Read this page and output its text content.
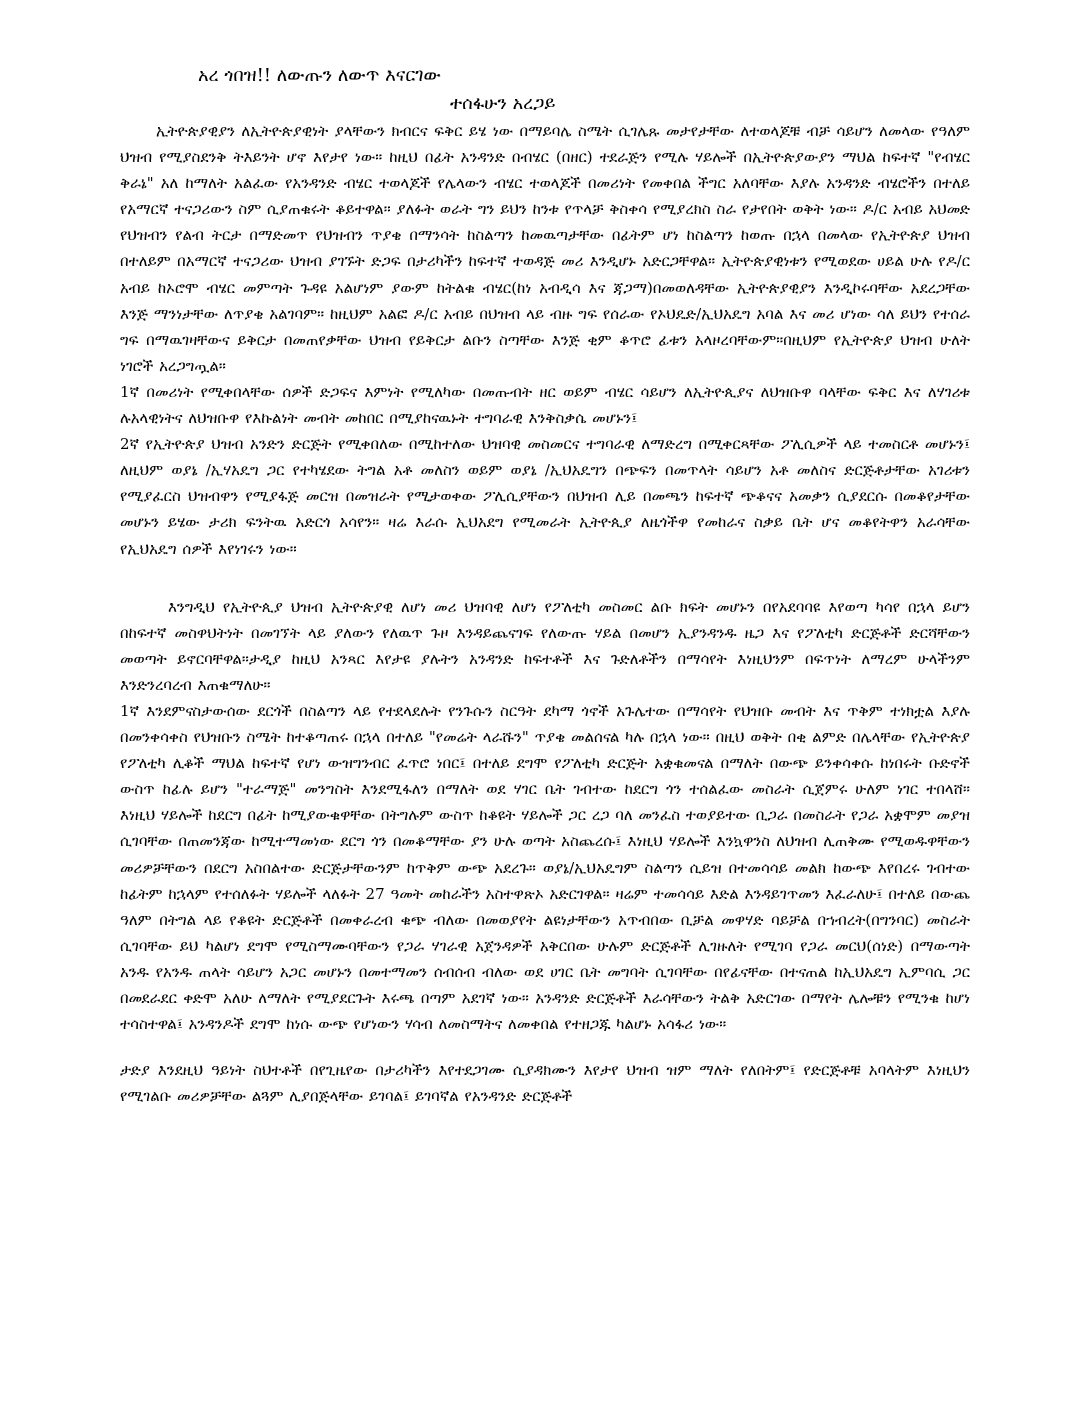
አረ ጎበዝ!! ለውጡን ለውጥ እናርገው
ተሰፋሁን አረጋይ

ኢትዮጵያዊያን ለኢትዮጵያዊነት ያላቸውን ክብርና ፍቅር ይሄ ነው በማይባሌ ስሜት ሲገሌጹ መታየታቸው ለተወላጆቹ ብቻ ሳይሆን ለመላው የዓለም ህዝብ የሚያስደንቅ ትእይንት ሆኖ እየታየ ነው። ከዚህ በፊት አንዳንድ በብሄር (በዘር) ተደራጅን የሚሉ ሃይሎች በኢትዮጵያውያን ማህል ከፍተኛ "የብሄር ቅራኔ" አለ ከማለት አልፈው የአንዳንድ ብሄር ተወላጆች የሌላውን ብሄር ተወላጆች በመሪነት የመቀበል ችግር አለባቸው እያሉ አንዳንድ ብሄሮችን በተለይ የአማርኛ ተናጋሪውን ስም ሲያጠቁሩት ቆይተዋል። ያለፉት ወራት ግን ይህን ከንቱ የጥላቻ ቅስቀሳ የሚያረክስ ስራ የታየበት ወቅት ነው። ዶ/ር አብይ አህመድ የህዝብን የልብ ትርታ በማድመጥ የህዝብን ጥያቄ በማንሳት ከስልጣን ከመዉጣታቸው በፊትም ሆነ ከስልጣን ከወጡ በኋላ በመላው የኢትዮጵያ ህዝብ በተለይም በአማርኛ ተናጋሪው ህዝብ ያገኙት ድጋፍ በታሪካችን ከፍተኛ ተወዳጅ መሪ እንዲሆኑ አድርጋቸዋል። ኢትዮጵያዊነቱን የሚወደው ሀይል ሁሉ የዶ/ር አብይ ከኦሮሞ ብሄር መምጣት ጉዳዩ አልሆነም ያውም ከትልቁ ብሄር(ከነ አብዲሳ እና ጃጋማ)በመወለዳቸው ኢትዮጵያዊያን እንዲኮሩባቸው አደረጋቸው እንጅ ማንነታቸው ለጥያቄ አልገባም። ከዚህም አልፎ ዶ/ር አብይ በህዝብ ላይ ብዙ ግፍ የሰራው የኦህዴድ/ኢህአዴግ አባል እና መሪ ሆነው ሳለ ይህን የተሰራ ግፍ በማዉገዛቸውና ይቅርታ በመጠየቃቸው ህዝብ የይቅርታ ልቡን ስጣቸው እንጅ ቂም ቆጥሮ ፊቱን አላዞረባቸውም።በዚህም የኢትዮጵያ ህዝብ ሁለት ነገሮች አረጋግጧል።

1ኛ በመሪነት የሚቀበላቸው ሰዎች ድጋፍና እምነት የሚለካው በመጡብት ዘር ወይም ብሄር ሳይሆን ለኢትዮጲያና ለህዝቡዋ ባላቸው ፍቅር እና ለሃገሪቱ ሉአላዊነትና ለህዝቡዋ የእኩልነት መብት መከበር በሚያከናዉኑት ተግባራዊ እንቅስቃሴ መሆኑን፤

2ኛ የኢትዮጵያ ህዝብ አንድን ድርጅት የሚቀበለው በሚከተለው ህዝባዊ መስመርና ተግባራዊ ለማድረግ በሚቀርጻቸው ፖሊሲዎች ላይ ተመስርቶ መሆኑን፤ ለዚህም ወያኔ /ኢሃአዴግ ጋር የተካሄደው ትግል አቶ መለስን ወይም ወያኔ /ኢህአዴግን በጭፍን በመጥላት ሳይሆን አቶ መለስና ድርጅቶታቸው አገሪቱን የሚያፈርስ ህዝብዋን የሚያፋጅ መርዝ በመዝራት የሚታወቀው ፖሊሲያቸውን በህዝብ ሊይ በመጫን ከፍተኛ ጭቆናና አመቃን ሲያደርሱ በመቆየታቸው መሆኑን ይሄው ታሪክ ፍንትዉ አድርጎ አሳየን። ዛሬ እራሱ ኢህአደግ የሚመራት ኢትዮጲያ ለዜጎችዋ የመከራና ስቃይ ቤት ሆና መቆየትዋን አራሳቸው የኢህአዴግ ሰዎች እየነገሩን ነው።

እንግዲህ የኢትዮጲያ ህዝብ ኢትዮጵያዊ ለሆነ መሪ ህዝባዊ ለሆነ የፖለቲካ መስመር ልቡ ክፍት መሆኑን በየአደባባዩ እየወጣ ካሳየ በኋላ ይሆን በከፍተኛ መስዋህትነት በመገኘት ላይ ያለውን የለዉጥ ጉዞ እንዳይጨናገፍ የለውጡ ሃይል በመሆን ኢያንዳንዱ ዜጋ እና የፖለቲካ ድርጅቶች ድርሻቸውን መወጣት ይኖርባቸዋል።ታዲያ ከዚህ አንጻር እየታዩ ያሉትን አንዳንድ ከፍተቶች እና ጉድለቶችን በማሳየት እነዚህንም በፍጥነት ለማረም ሁላችንም እንድንረባረብ እጠቁማለሁ።

1ኛ እንደምናስታውሰው ደርጎች በስልጣን ላይ የተደላደሉት የንጉሱን ስርዓት ደካማ ጎኖች አጉሌተው በማሳየት የህዝቡ መብት እና ጥቅም ተነክቷል እያሉ በመንቀሳቀስ የህዝቡን ስሜት ከተቆጣጠሩ በኋላ በተለይ "የመሬት ላራሹን" ጥያቄ መልሰናል ካሉ በኋላ ነው። በዚህ ወቅት በቂ ልምድ በሌላቸው የኢትዮጵያ የፖለቲካ ሊቆች ማህል ከፍተኛ የሆነ ውዝግንብር ፈጥሮ ነበር፤ በተለይ ደግሞ የፖለቲካ ድርጅት አቋቁመናል በማለት በውጭ ይንቀሳቀሱ ከነበሩት ቡድኖች ውስጥ ከፊሉ ይሆን "ተራማጅ" መንግስት እንደሚፋለን በማለት ወደ ሃገር ቤት ገብተው ከደርግ ጎን ተሰልፈው መስራት ሲጀምሩ ሁለም ነገር ተበላሸ። እነዚህ ሃይሎች ከደርግ በፊት ከሚያውቁዋቸው በትግሉም ውስጥ ከቆዩት ሃይሎች ጋር ረጋ ባለ መንፈስ ተወያይተው ቢጋራ በመስራት የጋራ አቋሞም መያዝ ሲገባቸው በጠመንጃው ከሚተማመነው ደርግ ጎን በመቆማቸው ያን ሁሉ ወጣት አስጨረሱ፤ እነዚህ ሃይሎች እንኳዋንስ ለህዝብ ሊጠቅሙ የሚወዱዋቸውን መሪዎቻቸውን በደርግ አስበልተው ድርጅታቸውንም ከጥቅም ውጭ አደረጉ። ወያኔ/ኢህአዴግም ስልጣን ሲይዝ በተመሳሳይ መልክ ከውጭ እየበረሩ ገብተው ከፊትም ከኋላም የተሰለፉት ሃይሎች ላለፉት 27 ዓመት መከራችን አስተዋጽኦ አድርገዋል። ዛሬም ተመሳሳይ እድል እንዳይገጥመን እፈራለሁ፤ በተለይ በውጨ ዓለም በትግል ላይ የቆዩት ድርጅቶች በመቀራረብ ቁጭ ብለው በመወያየት ልዩነታቸውን አጥብበው ቢቻል መዋሃድ ባይቻል በኀብረት(በግንባር) መስራት ሲገባቸው ይህ ካልሆነ ደግሞ የሚስማሙባቸውን የጋራ ሃገራዊ አጀንዳዎች አቅርበው ሁሉም ድርጅቶች ሊገዙለት የሚገባ የጋራ መርህ(ሰነድ) በማውጣት አንዱ የአንዱ ጠላት ሳይሆን አጋር መሆኑን በመተማመን ሰብሰብ ብለው ወደ ሀገር ቤት መግባት ሲገባቸው በየፊናቸው በተናጠል ከኢህአዴግ ኢምባሲ ጋር በመደራደር ቀድሞ አለሁ ለማለት የሚያደርጉት እሩጫ በጣም አደገኛ ነው። አንዳንድ ድርጅቶች እራሳቸውን ትልቅ አድርገው በማየት ሌሎቹን የሚንቁ ከሆነ ተሳስተዋል፤ አንዳንዶች ደግሞ ከነሱ ውጭ የሆነውን ሃሳብ ለመስማትና ለመቀበል የተዘጋጁ ካልሆኑ አሳፋሪ ነው።

ታድያ እንደዚህ ዓይነት ስህተቶች በየጊዜየው በታሪካችን እየተደጋገሙ ሲያዳክሙን እየታየ ህዝብ ዝም ማለት የለበትም፤ የድርጅቶቹ አባላትም እነዚህን የሚገልቡ መሪዎቻቸው ልጓም ሊያበጅላቸው ይገባል፤ ይገባኛል የአንዳንድ ድርጅቶች
